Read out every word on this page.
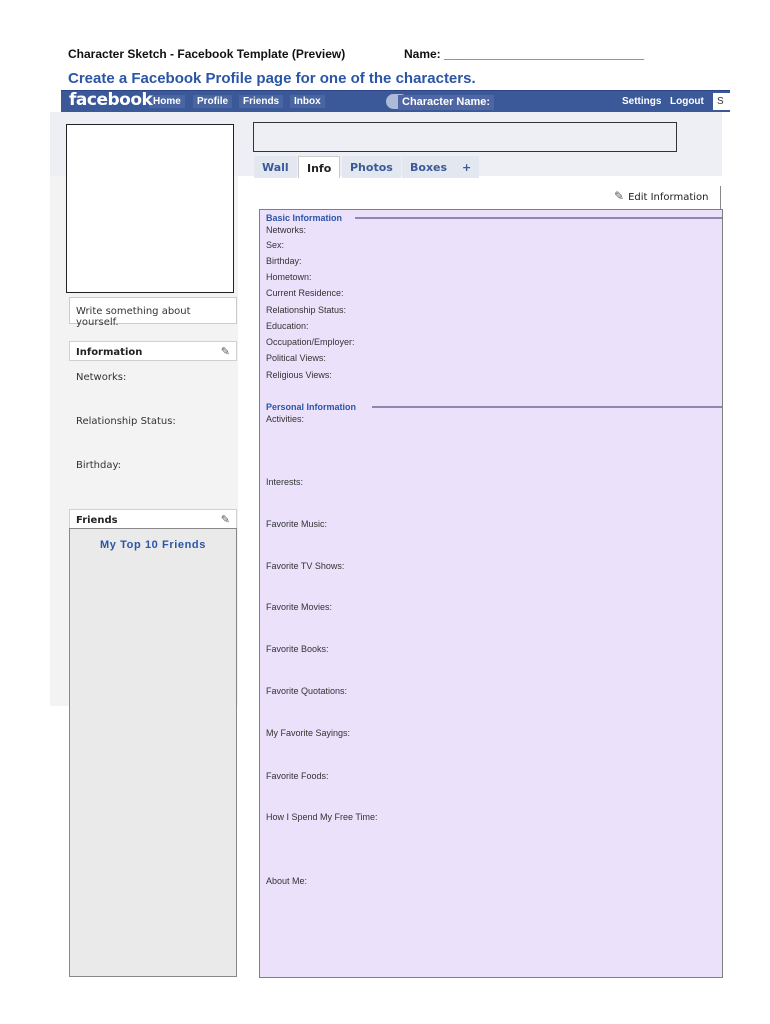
Character Sketch - Facebook Template (Preview)	Name: ______________________________
Create a Facebook Profile page for one of the characters.
facebook Home	Profile	Friends	Inbox	Character Name:	Settings Logout	S
Write something about yourself.
Information	✎
Networks:
Relationship Status:
Birthday:
Friends	✎
My Top 10 Friends
Wall	Info	Photos	Boxes	+
✎ Edit Information
Basic Information
Networks:
Sex:
Birthday:
Hometown:
Current Residence:
Relationship Status:
Education:
Occupation/Employer:
Political Views:
Religious Views:
Personal Information
Activities:
Interests:
Favorite Music:
Favorite TV Shows:
Favorite Movies:
Favorite Books:
Favorite Quotations:
My Favorite Sayings:
Favorite Foods:
How I Spend My Free Time:
About Me:
